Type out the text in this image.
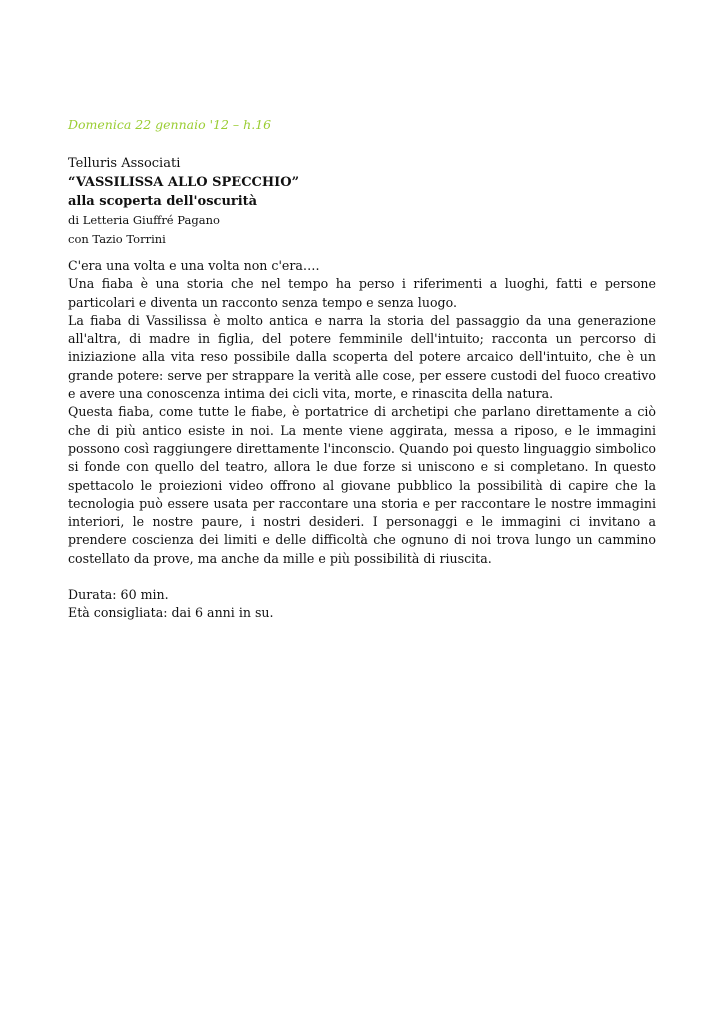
Domenica 22 gennaio '12 – h.16

Telluris Associati

“VASSILISSA ALLO SPECCHIO”

alla scoperta dell'oscurità

di Letteria Giuffré Pagano

con Tazio Torrini

C'era una volta e una volta non c'era….

Una fiaba è una storia che nel tempo ha perso i riferimenti a luoghi, fatti e persone particolari e diventa un racconto senza tempo e senza luogo.

La fiaba di Vassilissa è molto antica e narra la storia del passaggio da una generazione all'altra, di madre in figlia, del potere femminile dell'intuito; racconta un percorso di iniziazione alla vita reso possibile dalla scoperta del potere arcaico dell'intuito, che è un grande potere: serve per strappare la verità alle cose, per essere custodi del fuoco creativo e avere una conoscenza intima dei cicli vita, morte, e rinascita della natura.

Questa fiaba, come tutte le fiabe, è portatrice di archetipi che parlano direttamente a ciò che di più antico esiste in noi. La mente viene aggirata, messa a riposo, e le immagini possono così raggiungere direttamente l'inconscio. Quando poi questo linguaggio simbolico si fonde con quello del teatro, allora le due forze si uniscono e si completano. In questo spettacolo le proiezioni video offrono al giovane pubblico la possibilità di capire che la tecnologia può essere usata per raccontare una storia e per raccontare le nostre immagini interiori, le nostre paure, i nostri desideri. I personaggi e le immagini ci invitano a prendere coscienza dei limiti e delle difficoltà che ognuno di noi trova lungo un cammino costellato da prove, ma anche da mille e più possibilità di riuscita.

Durata: 60 min.

Età consigliata: dai 6 anni in su.
